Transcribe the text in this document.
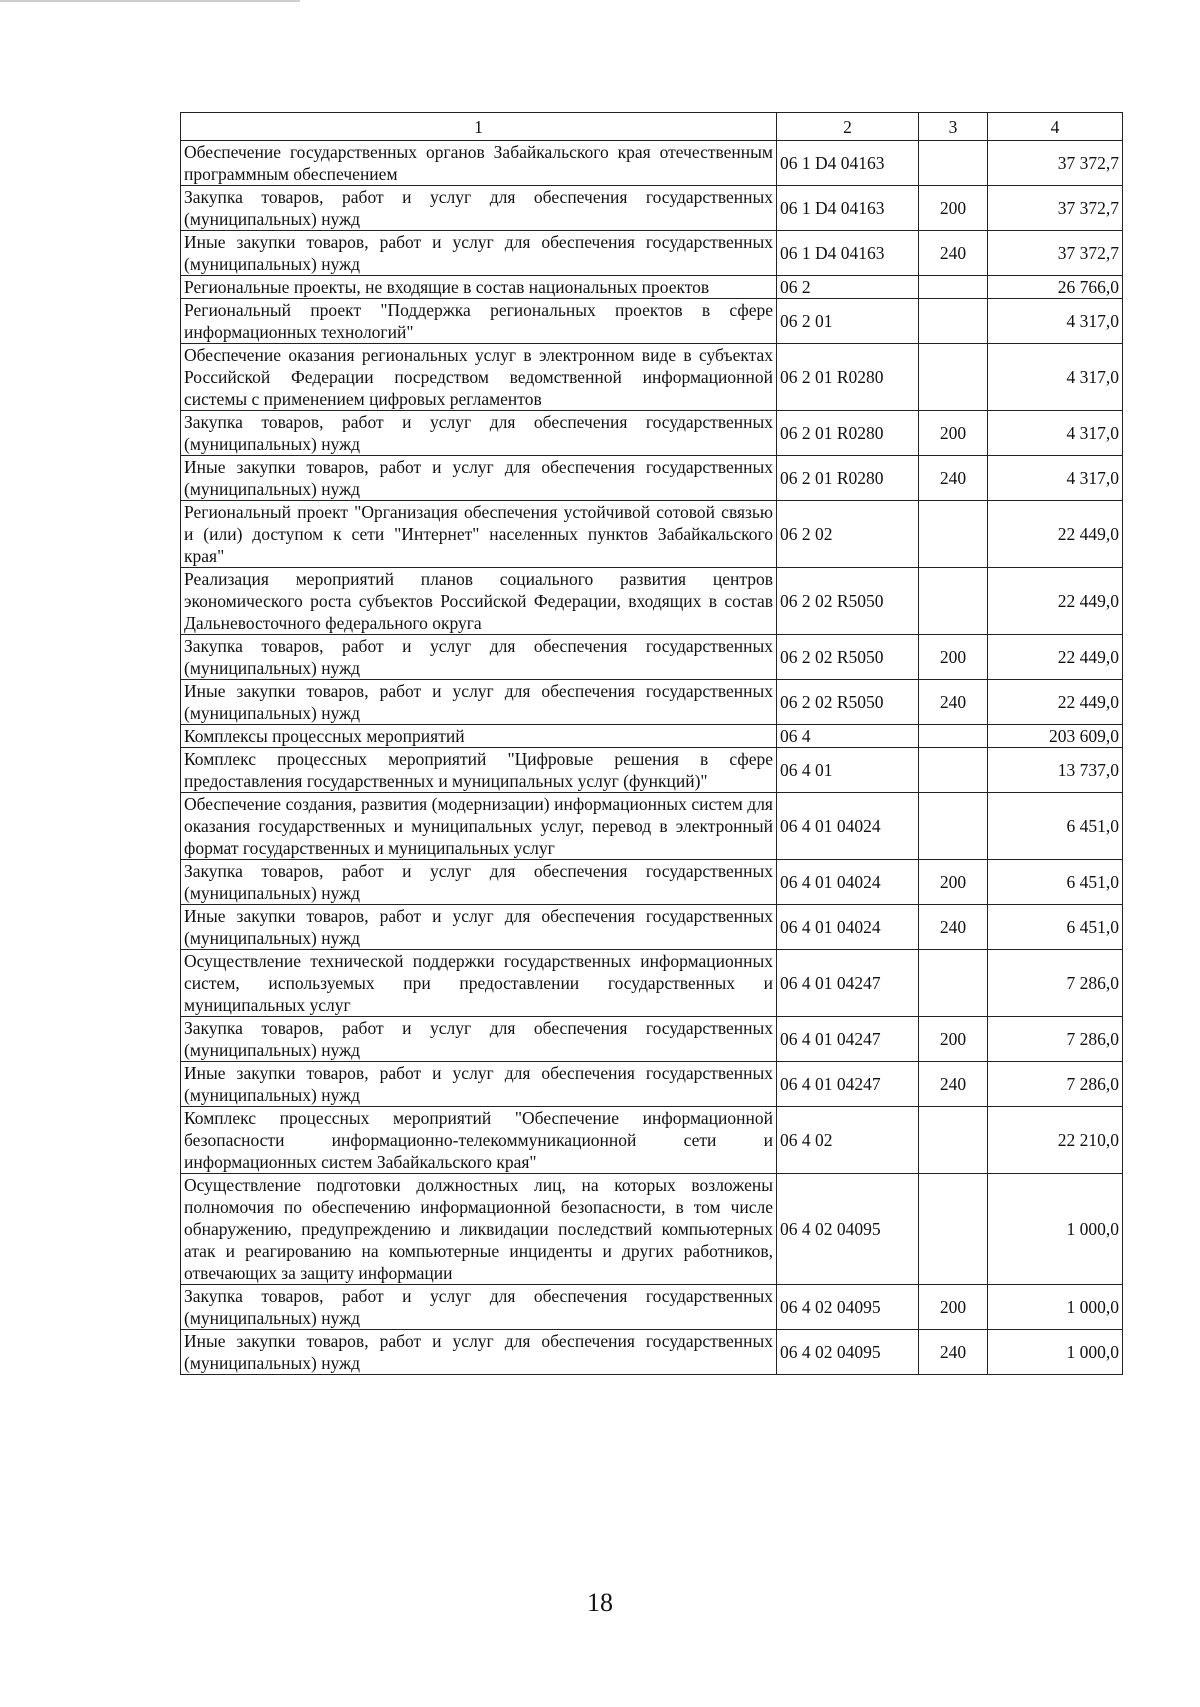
1	2	3	4
Обеспечение государственных органов Забайкальского края отечественным программным обеспечением	06 1 D4 04163		37 372,7
Закупка товаров, работ и услуг для обеспечения государственных (муниципальных) нужд	06 1 D4 04163	200	37 372,7
Иные закупки товаров, работ и услуг для обеспечения государственных (муниципальных) нужд	06 1 D4 04163	240	37 372,7
Региональные проекты, не входящие в состав национальных проектов	06 2		26 766,0
Региональный проект "Поддержка региональных проектов в сфере информационных технологий"	06 2 01		4 317,0
Обеспечение оказания региональных услуг в электронном виде в субъектах Российской Федерации посредством ведомственной информационной системы с применением цифровых регламентов	06 2 01 R0280		4 317,0
Закупка товаров, работ и услуг для обеспечения государственных (муниципальных) нужд	06 2 01 R0280	200	4 317,0
Иные закупки товаров, работ и услуг для обеспечения государственных (муниципальных) нужд	06 2 01 R0280	240	4 317,0
Региональный проект "Организация обеспечения устойчивой сотовой связью и (или) доступом к сети "Интернет" населенных пунктов Забайкальского края"	06 2 02		22 449,0
Реализация мероприятий планов социального развития центров экономического роста субъектов Российской Федерации, входящих в состав Дальневосточного федерального округа	06 2 02 R5050		22 449,0
Закупка товаров, работ и услуг для обеспечения государственных (муниципальных) нужд	06 2 02 R5050	200	22 449,0
Иные закупки товаров, работ и услуг для обеспечения государственных (муниципальных) нужд	06 2 02 R5050	240	22 449,0
Комплексы процессных мероприятий	06 4		203 609,0
Комплекс процессных мероприятий "Цифровые решения в сфере предоставления государственных и муниципальных услуг (функций)"	06 4 01		13 737,0
Обеспечение создания, развития (модернизации) информационных систем для оказания государственных и муниципальных услуг, перевод в электронный формат государственных и муниципальных услуг	06 4 01 04024		6 451,0
Закупка товаров, работ и услуг для обеспечения государственных (муниципальных) нужд	06 4 01 04024	200	6 451,0
Иные закупки товаров, работ и услуг для обеспечения государственных (муниципальных) нужд	06 4 01 04024	240	6 451,0
Осуществление технической поддержки государственных информационных систем, используемых при предоставлении государственных и муниципальных услуг	06 4 01 04247		7 286,0
Закупка товаров, работ и услуг для обеспечения государственных (муниципальных) нужд	06 4 01 04247	200	7 286,0
Иные закупки товаров, работ и услуг для обеспечения государственных (муниципальных) нужд	06 4 01 04247	240	7 286,0
Комплекс процессных мероприятий "Обеспечение информационной безопасности информационно-телекоммуникационной сети и информационных систем Забайкальского края"	06 4 02		22 210,0
Осуществление подготовки должностных лиц, на которых возложены полномочия по обеспечению информационной безопасности, в том числе обнаружению, предупреждению и ликвидации последствий компьютерных атак и реагированию на компьютерные инциденты и других работников, отвечающих за защиту информации	06 4 02 04095		1 000,0
Закупка товаров, работ и услуг для обеспечения государственных (муниципальных) нужд	06 4 02 04095	200	1 000,0
Иные закупки товаров, работ и услуг для обеспечения государственных (муниципальных) нужд	06 4 02 04095	240	1 000,0
18
